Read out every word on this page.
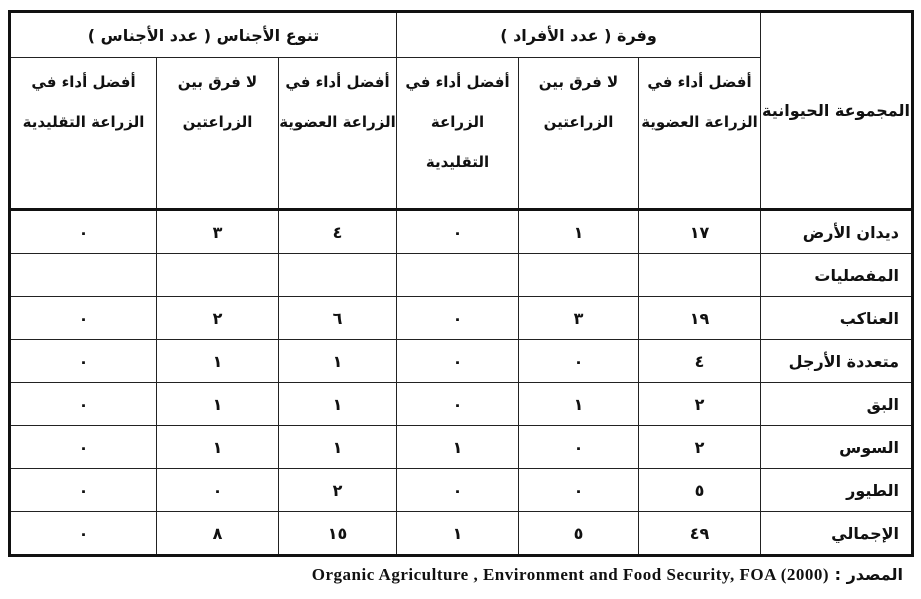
المجموعة الحيوانية	وفرة ( عدد الأفراد )			تنوع الأجناس ( عدد الأجناس )		
	أفضل أداء في الزراعة العضوية	لا فرق بين الزراعتين	أفضل أداء في الزراعة التقليدية	أفضل أداء في الزراعة العضوية	لا فرق بين الزراعتين	أفضل أداء في الزراعة التقليدية
ديدان الأرض	١٧	١	٠	٤	٣	٠
المفصليات						
العناكب	١٩	٣	٠	٦	٢	٠
متعددة الأرجل	٤	٠	٠	١	١	٠
البق	٢	١	٠	١	١	٠
السوس	٢	٠	١	١	١	٠
الطيور	٥	٠	٠	٢	٠	٠
الإجمالي	٤٩	٥	١	١٥	٨	٠
المصدر : Organic Agriculture , Environment and Food Security, FOA (2000)
